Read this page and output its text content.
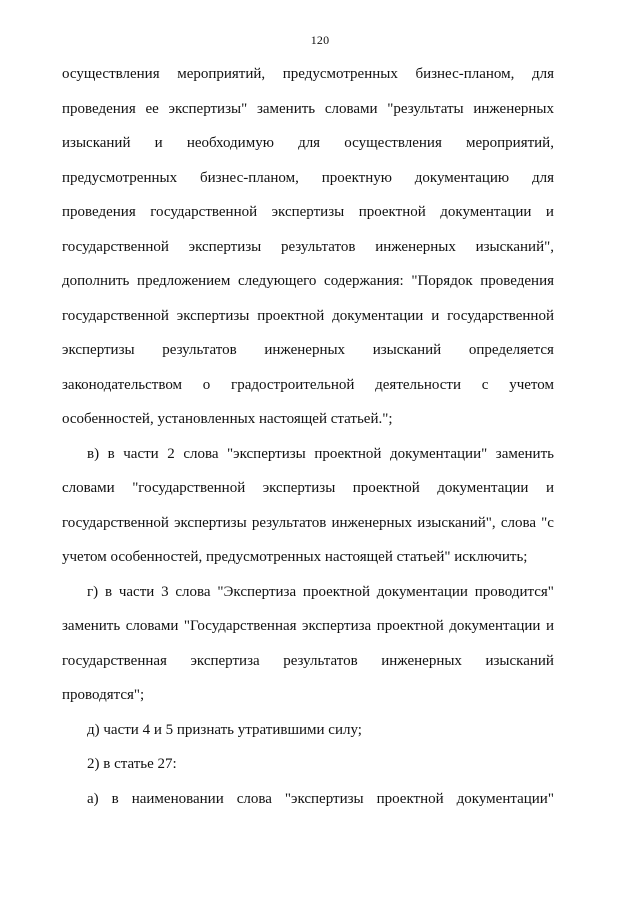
120
осуществления мероприятий, предусмотренных бизнес-планом, для
проведения ее экспертизы" заменить словами "результаты инженерных
изысканий и необходимую для осуществления мероприятий,
предусмотренных бизнес-планом, проектную документацию для
проведения государственной экспертизы проектной документации и
государственной экспертизы результатов инженерных изысканий",
дополнить предложением следующего содержания: "Порядок проведения
государственной экспертизы проектной документации и государственной
экспертизы результатов инженерных изысканий определяется
законодательством о градостроительной деятельности с учетом
особенностей, установленных настоящей статьей.";
в) в части 2 слова "экспертизы проектной документации" заменить
словами "государственной экспертизы проектной документации и
государственной экспертизы результатов инженерных изысканий", слова "с
учетом особенностей, предусмотренных настоящей статьей" исключить;
г) в части 3 слова "Экспертиза проектной документации проводится"
заменить словами "Государственная экспертиза проектной документации и
государственная экспертиза результатов инженерных изысканий
проводятся";
д) части 4 и 5 признать утратившими силу;
2) в статье 27:
а) в наименовании слова "экспертизы проектной документации"
